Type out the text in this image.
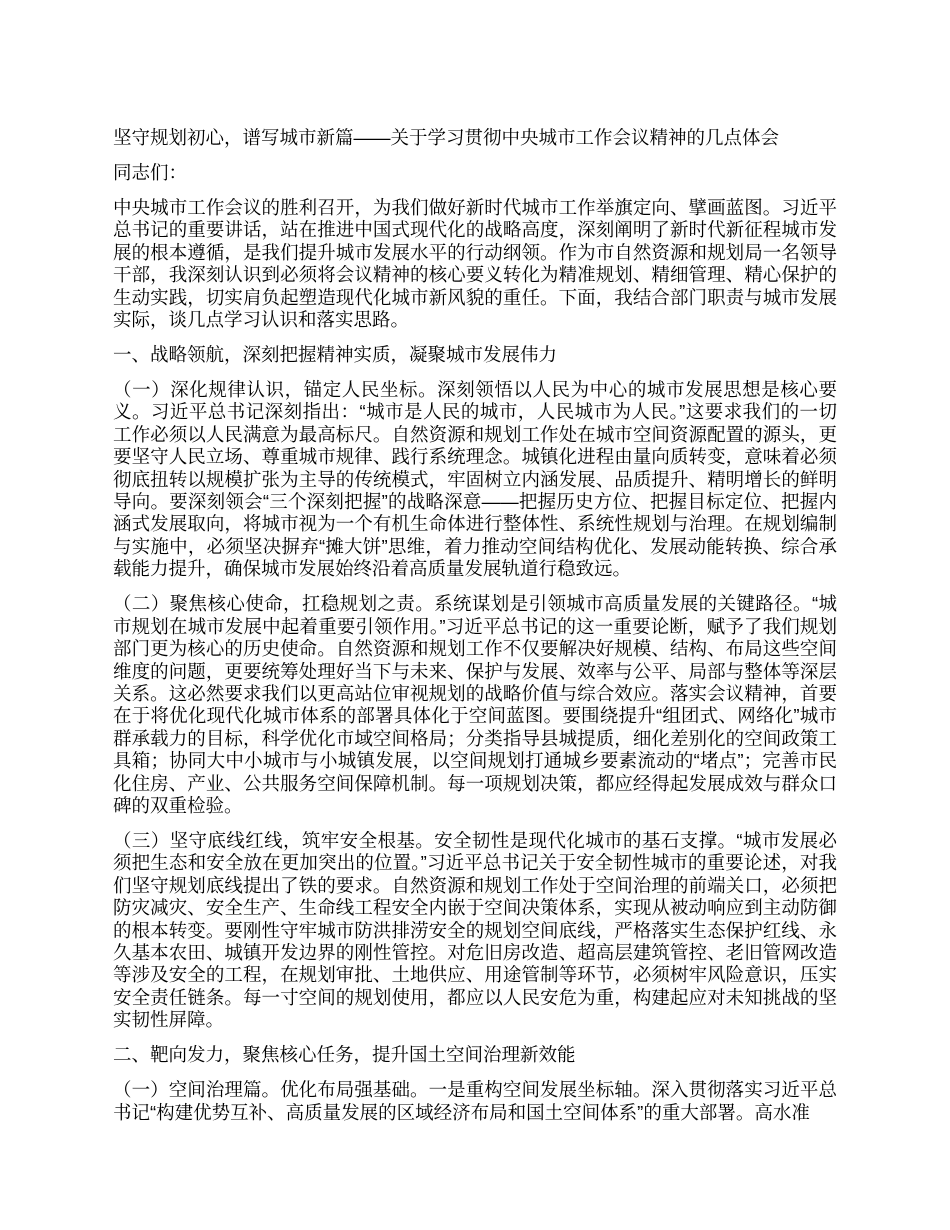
坚守规划初心，谱写城市新篇——关于学习贯彻中央城市工作会议精神的几点体会

同志们：

中央城市工作会议的胜利召开，为我们做好新时代城市工作举旗定向、擘画蓝图。习近平总书记的重要讲话，站在推进中国式现代化的战略高度，深刻阐明了新时代新征程城市发展的根本遵循，是我们提升城市发展水平的行动纲领。作为市自然资源和规划局一名领导干部，我深刻认识到必须将会议精神的核心要义转化为精准规划、精细管理、精心保护的生动实践，切实肩负起塑造现代化城市新风貌的重任。下面，我结合部门职责与城市发展实际，谈几点学习认识和落实思路。

一、战略领航，深刻把握精神实质，凝聚城市发展伟力

（一）深化规律认识，锚定人民坐标。深刻领悟以人民为中心的城市发展思想是核心要义。习近平总书记深刻指出：“城市是人民的城市，人民城市为人民。”这要求我们的一切工作必须以人民满意为最高标尺。自然资源和规划工作处在城市空间资源配置的源头，更要坚守人民立场、尊重城市规律、践行系统理念。城镇化进程由量向质转变，意味着必须彻底扭转以规模扩张为主导的传统模式，牢固树立内涵发展、品质提升、精明增长的鲜明导向。要深刻领会“三个深刻把握”的战略深意——把握历史方位、把握目标定位、把握内涵式发展取向，将城市视为一个有机生命体进行整体性、系统性规划与治理。在规划编制与实施中，必须坚决摒弃“摊大饼”思维，着力推动空间结构优化、发展动能转换、综合承载能力提升，确保城市发展始终沿着高质量发展轨道行稳致远。

（二）聚焦核心使命，扛稳规划之责。系统谋划是引领城市高质量发展的关键路径。“城市规划在城市发展中起着重要引领作用。”习近平总书记的这一重要论断，赋予了我们规划部门更为核心的历史使命。自然资源和规划工作不仅要解决好规模、结构、布局这些空间维度的问题，更要统筹处理好当下与未来、保护与发展、效率与公平、局部与整体等深层关系。这必然要求我们以更高站位审视规划的战略价值与综合效应。落实会议精神，首要在于将优化现代化城市体系的部署具体化于空间蓝图。要围绕提升“组团式、网络化”城市群承载力的目标，科学优化市域空间格局；分类指导县城提质，细化差别化的空间政策工具箱；协同大中小城市与小城镇发展，以空间规划打通城乡要素流动的“堵点”；完善市民化住房、产业、公共服务空间保障机制。每一项规划决策，都应经得起发展成效与群众口碑的双重检验。

（三）坚守底线红线，筑牢安全根基。安全韧性是现代化城市的基石支撑。“城市发展必须把生态和安全放在更加突出的位置。”习近平总书记关于安全韧性城市的重要论述，对我们坚守规划底线提出了铁的要求。自然资源和规划工作处于空间治理的前端关口，必须把防灾减灾、安全生产、生命线工程安全内嵌于空间决策体系，实现从被动响应到主动防御的根本转变。要刚性守牢城市防洪排涝安全的规划空间底线，严格落实生态保护红线、永久基本农田、城镇开发边界的刚性管控。对危旧房改造、超高层建筑管控、老旧管网改造等涉及安全的工程，在规划审批、土地供应、用途管制等环节，必须树牢风险意识，压实安全责任链条。每一寸空间的规划使用，都应以人民安危为重，构建起应对未知挑战的坚实韧性屏障。

二、靶向发力，聚焦核心任务，提升国土空间治理新效能

（一）空间治理篇。优化布局强基础。一是重构空间发展坐标轴。深入贯彻落实习近平总书记“构建优势互补、高质量发展的区域经济布局和国土空间体系”的重大部署。高水准
